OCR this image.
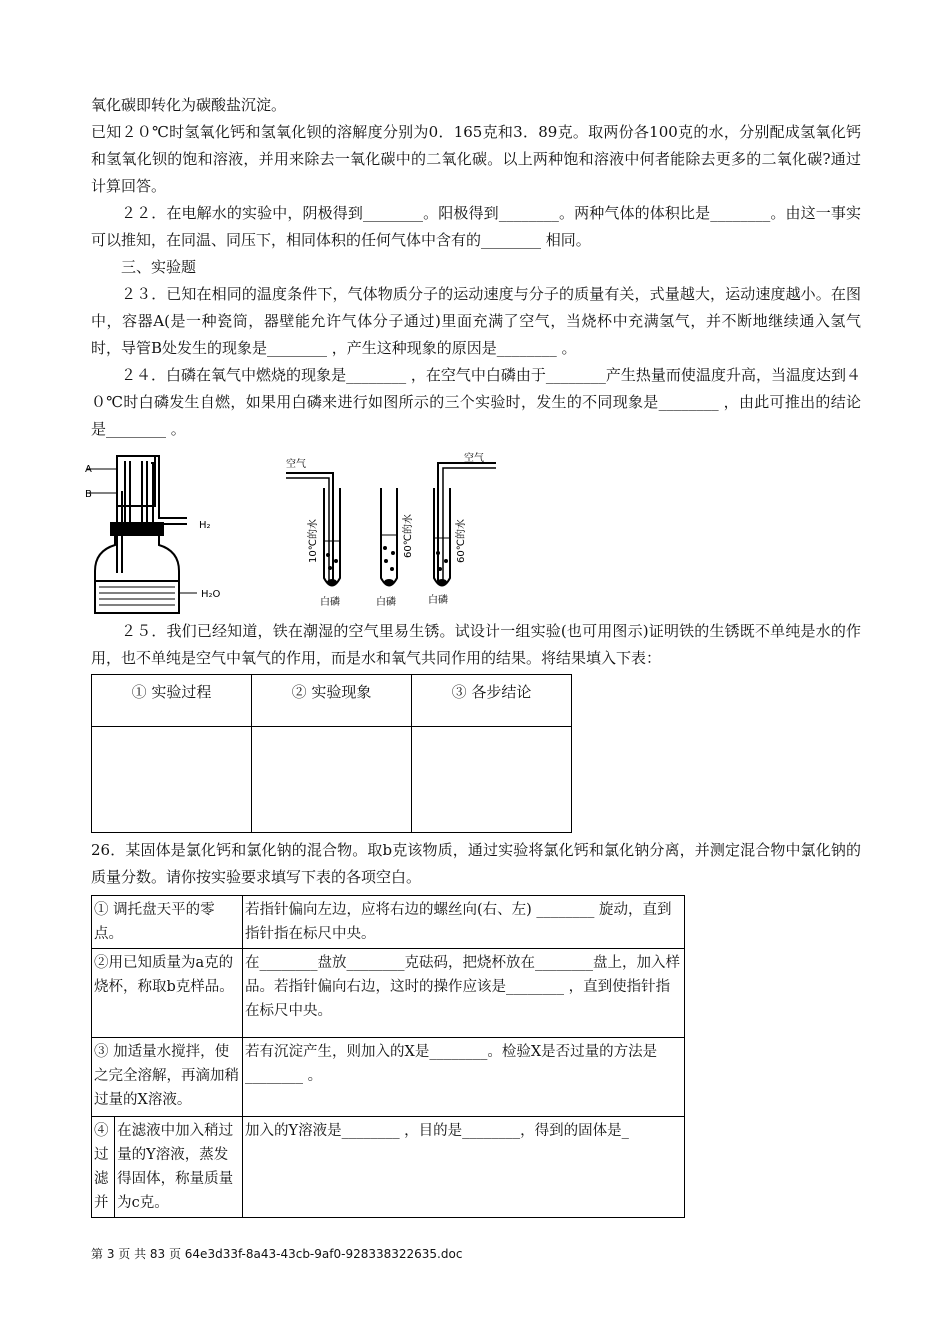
氧化碳即转化为碳酸盐沉淀。

已知２０℃时氢氧化钙和氢氧化钡的溶解度分别为0．165克和3．89克。取两份各100克的水，分别配成氢氧化钙和氢氧化钡的饱和溶液，并用来除去一氧化碳中的二氧化碳。以上两种饱和溶液中何者能除去更多的二氧化碳?通过计算回答。

２２．在电解水的实验中，阴极得到________。阳极得到________。两种气体的体积比是________。由这一事实可以推知，在同温、同压下，相同体积的任何气体中含有的________ 相同。

三、实验题

２３．已知在相同的温度条件下，气体物质分子的运动速度与分子的质量有关，式量越大，运动速度越小。在图中，容器A(是一种瓷筒，器壁能允许气体分子通过)里面充满了空气，当烧杯中充满氢气，并不断地继续通入氢气时，导管B处发生的现象是________ ，产生这种现象的原因是________ 。

２４．白磷在氧气中燃烧的现象是________ ，在空气中白磷由于________产生热量而使温度升高，当温度达到４０℃时白磷发生自燃，如果用白磷来进行如图所示的三个实验时，发生的不同现象是________ ，由此可推出的结论是________ 。

A
B
H₂
H₂O
空气
空气
10℃的水	60℃的水	60℃的水
白磷	白磷	白磷

２５．我们已经知道，铁在潮湿的空气里易生锈。试设计一组实验(也可用图示)证明铁的生锈既不单纯是水的作用，也不单纯是空气中氧气的作用，而是水和氧气共同作用的结果。将结果填入下表：

① 实验过程	② 实验现象	③ 各步结论

26．某固体是氯化钙和氯化钠的混合物。取b克该物质，通过实验将氯化钙和氯化钠分离，并测定混合物中氯化钠的质量分数。请你按实验要求填写下表的各项空白。

① 调托盘天平的零点。		若指针偏向左边，应将右边的螺丝向(右、左) ________ 旋动，直到指针指在标尺中央。
②用已知质量为a克的烧杯，称取b克样品。		在________盘放________克砝码，把烧杯放在________盘上，加入样品。若指针偏向右边，这时的操作应该是________ ，直到使指针指在标尺中央。
③ 加适量水搅拌，使之完全溶解，再滴加稍过量的X溶液。		若有沉淀产生，则加入的X是________。检验X是否过量的方法是________ 。
④过滤并	在滤液中加入稍过量的Y溶液，蒸发得固体，称量质量为c克。	加入的Y溶液是________ ，目的是________，得到的固体是_
第 3 页 共 83 页 64e3d33f-8a43-43cb-9af0-928338322635.doc
